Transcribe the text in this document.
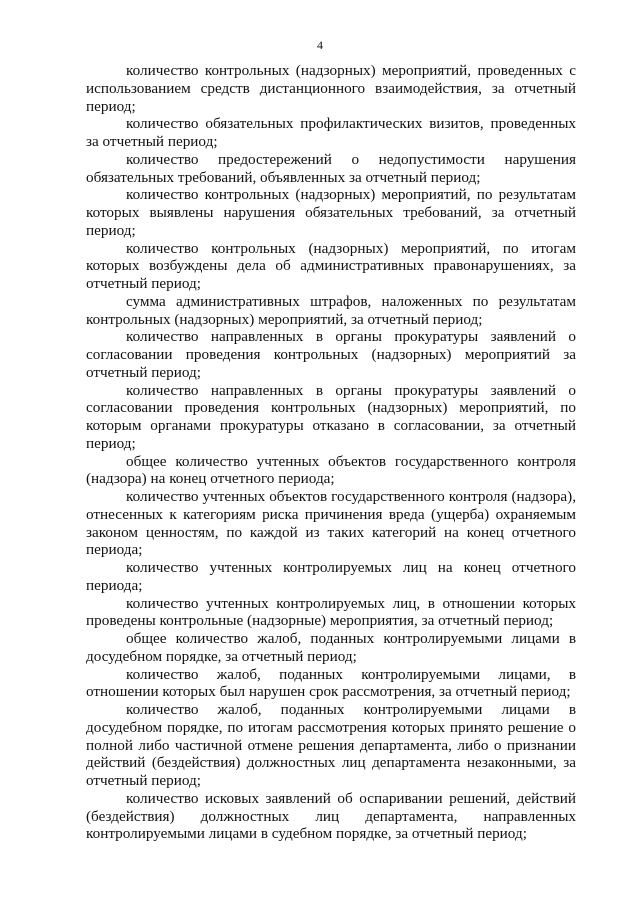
4

количество контрольных (надзорных) мероприятий, проведенных с использованием средств дистанционного взаимодействия, за отчетный период;

количество обязательных профилактических визитов, проведенных за отчетный период;

количество предостережений о недопустимости нарушения обязательных требований, объявленных за отчетный период;

количество контрольных (надзорных) мероприятий, по результатам которых выявлены нарушения обязательных требований, за отчетный период;

количество контрольных (надзорных) мероприятий, по итогам которых возбуждены дела об административных правонарушениях, за отчетный период;

сумма административных штрафов, наложенных по результатам контрольных (надзорных) мероприятий, за отчетный период;

количество направленных в органы прокуратуры заявлений о согласовании проведения контрольных (надзорных) мероприятий за отчетный период;

количество направленных в органы прокуратуры заявлений о согласовании проведения контрольных (надзорных) мероприятий, по которым органами прокуратуры отказано в согласовании, за отчетный период;

общее количество учтенных объектов государственного контроля (надзора) на конец отчетного периода;

количество учтенных объектов государственного контроля (надзора), отнесенных к категориям риска причинения вреда (ущерба) охраняемым законом ценностям, по каждой из таких категорий на конец отчетного периода;

количество учтенных контролируемых лиц на конец отчетного периода;

количество учтенных контролируемых лиц, в отношении которых проведены контрольные (надзорные) мероприятия, за отчетный период;

общее количество жалоб, поданных контролируемыми лицами в досудебном порядке, за отчетный период;

количество жалоб, поданных контролируемыми лицами, в отношении которых был нарушен срок рассмотрения, за отчетный период;

количество жалоб, поданных контролируемыми лицами в досудебном порядке, по итогам рассмотрения которых принято решение о полной либо частичной отмене решения департамента, либо о признании действий (бездействия) должностных лиц департамента незаконными, за отчетный период;

количество исковых заявлений об оспаривании решений, действий (бездействия) должностных лиц департамента, направленных контролируемыми лицами в судебном порядке, за отчетный период;
